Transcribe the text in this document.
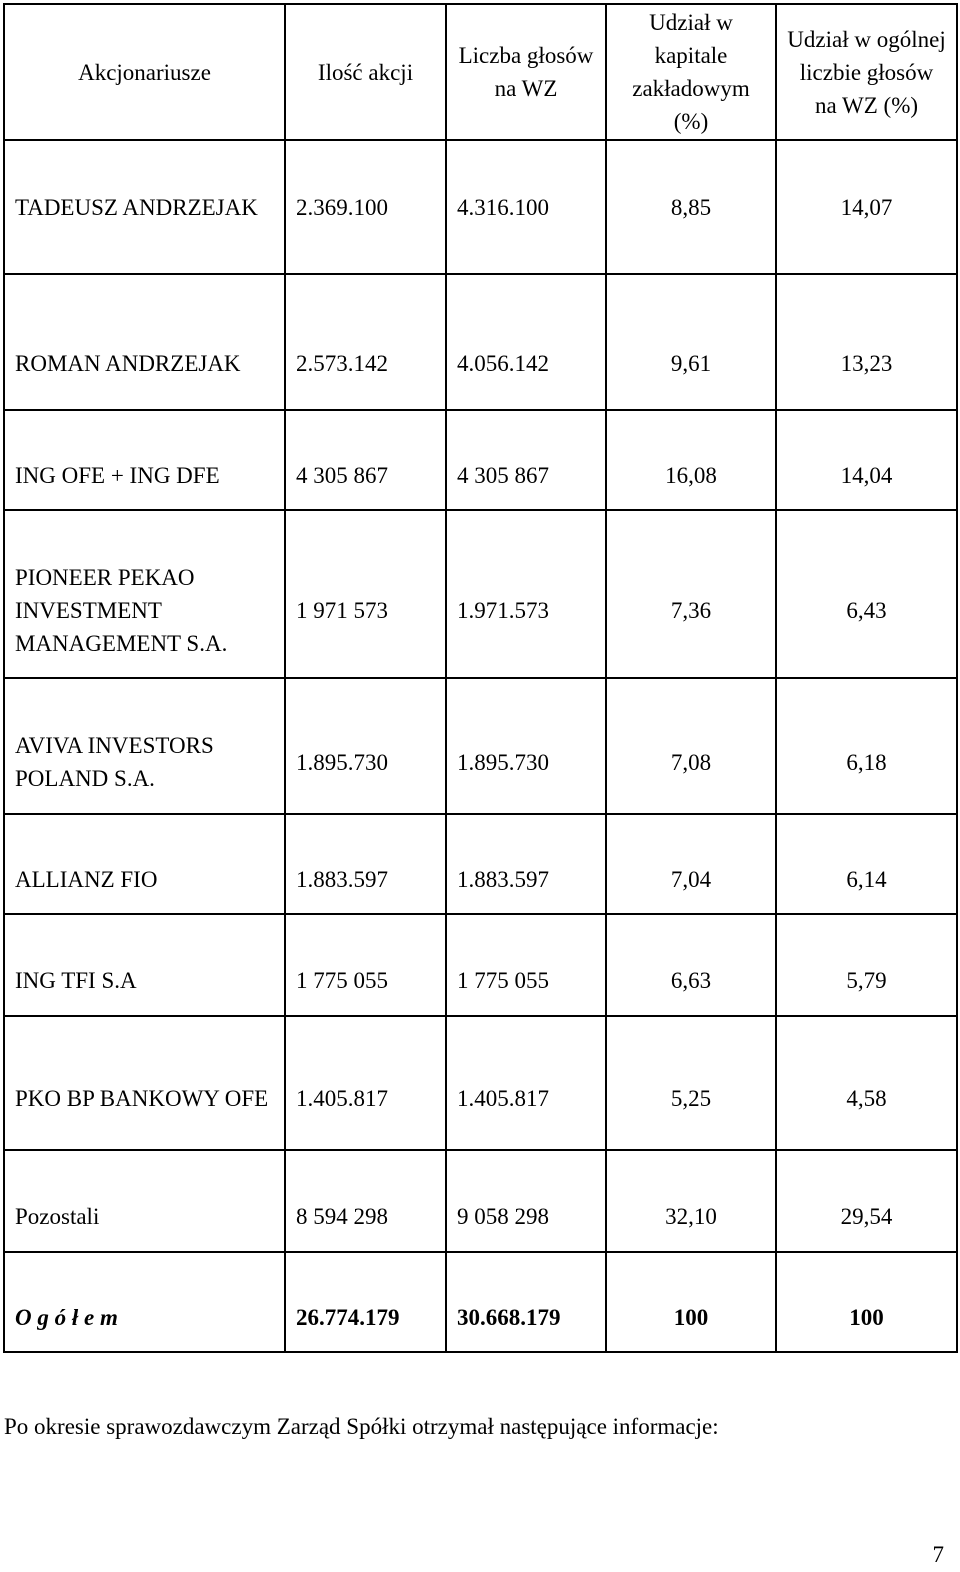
Akcjonariusze	Ilość akcji	Liczba głosów na WZ	Udział w kapitale zakładowym (%)	Udział w ogólnej liczbie głosów na WZ (%)
TADEUSZ ANDRZEJAK	2.369.100	4.316.100	8,85	14,07
ROMAN ANDRZEJAK	2.573.142	4.056.142	9,61	13,23
ING OFE + ING DFE	4 305 867	4 305 867	16,08	14,04
PIONEER PEKAO INVESTMENT MANAGEMENT S.A.	1 971 573	1.971.573	7,36	6,43
AVIVA INVESTORS POLAND S.A.	1.895.730	1.895.730	7,08	6,18
ALLIANZ FIO	1.883.597	1.883.597	7,04	6,14
ING TFI S.A	1 775 055	1 775 055	6,63	5,79
PKO BP BANKOWY OFE	1.405.817	1.405.817	5,25	4,58
Pozostali	8 594 298	9 058 298	32,10	29,54
O g ó ł e m	26.774.179	30.668.179	100	100
Po okresie sprawozdawczym Zarząd Spółki otrzymał następujące informacje:
7
